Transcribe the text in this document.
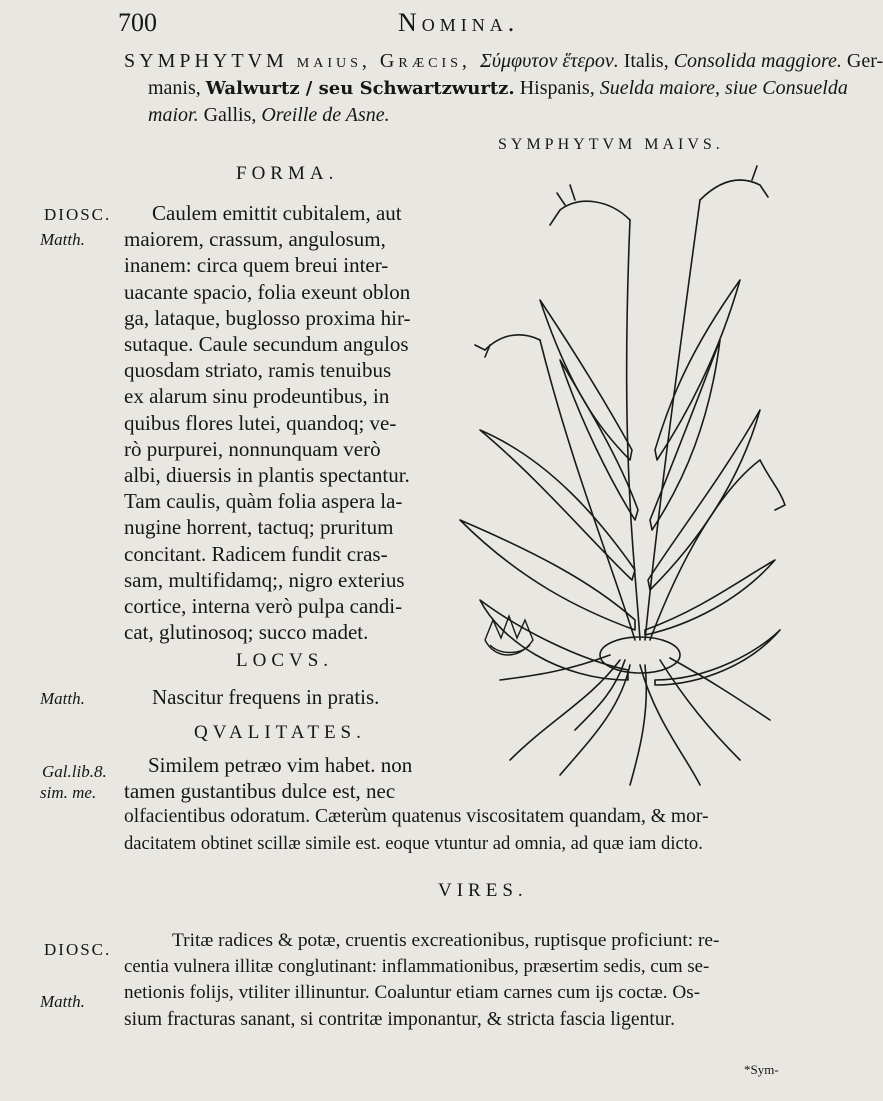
700	Nomina.
SYMPHYTVM maius, Græcis, Σύμφυτον ἕτερον. Italis, Consolida maggiore. Ger-
manis, Walwurtz / seu Schwartzwurtz. Hispanis, Suelda maiore, siue Consuelda
maior. Gallis, Oreille de Asne.
SYMPHYTVM MAIVS.
FORMA.
DIOSC.
Matth.
Caulem emittit cubitalem, aut
maiorem, crassum, angulosum,
inanem: circa quem breui inter-
uacante spacio, folia exeunt oblon
ga, lataque, buglosso proxima hir-
sutaque. Caule secundum angulos
quosdam striato, ramis tenuibus
ex alarum sinu prodeuntibus, in
quibus flores lutei, quandoq; ve-
rò purpurei, nonnunquam verò
albi, diuersis in plantis spectantur.
Tam caulis, quàm folia aspera la-
nugine horrent, tactuq; pruritum
concitant. Radicem fundit cras-
sam, multifidamq;, nigro exterius
cortice, interna verò pulpa candi-
cat, glutinosoq; succo madet.
LOCVS.
Matth.	Nascitur frequens in pratis.
QVALITATES.
Gal.lib.8.
sim. me.
Similem petræo vim habet. non
tamen gustantibus dulce est, nec
olfacientibus odoratum. Cæterùm quatenus viscositatem quandam, & mor-
dacitatem obtinet scillæ simile est. eoque vtuntur ad omnia, ad quæ iam dicto.
VIRES.
DIOSC.
Matth.
Tritæ radices & potæ, cruentis excreationibus, ruptisque proficiunt: re-
centia vulnera illitæ conglutinant: inflammationibus, præsertim sedis, cum se-
netionis folijs, vtiliter illinuntur. Coaluntur etiam carnes cum ijs coctæ. Os-
sium fracturas sanant, si contritæ imponantur, & stricta fascia ligentur.
*Sym-
